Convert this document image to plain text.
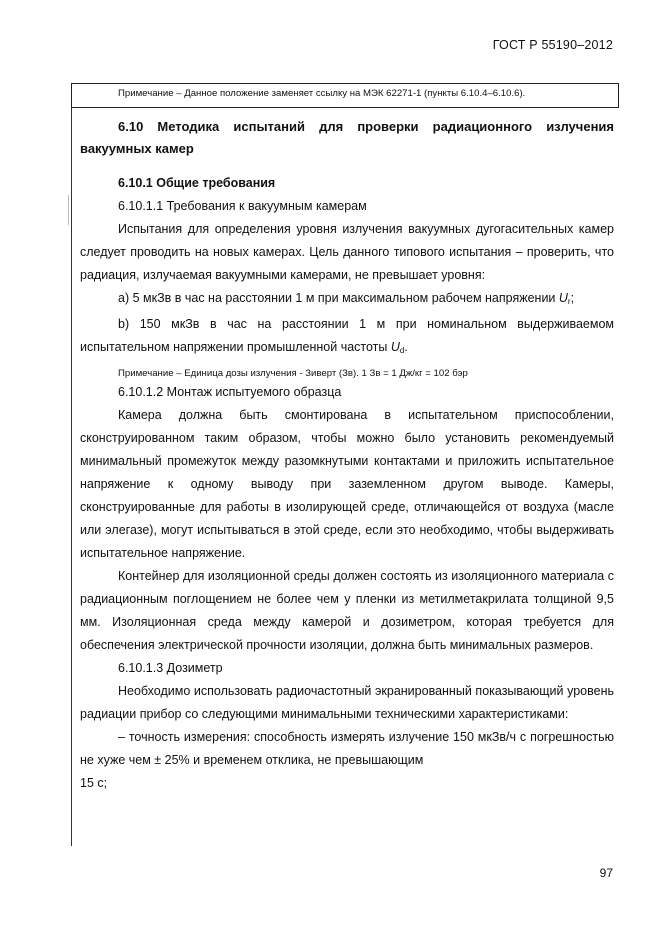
ГОСТ Р 55190–2012
Примечание – Данное положение заменяет ссылку на МЭК 62271-1 (пункты 6.10.4–6.10.6).

6.10 Методика испытаний для проверки радиационного излучения вакуумных камер

6.10.1 Общие требования

6.10.1.1 Требования к вакуумным камерам

Испытания для определения уровня излучения вакуумных дугогасительных камер следует проводить на новых камерах. Цель данного типового испытания – проверить, что радиация, излучаемая вакуумными камерами, не превышает уровня:

а) 5 мкЗв в час на расстоянии 1 м при максимальном рабочем напряжении $U_r$;

b) 150 мкЗв в час на расстоянии 1 м при номинальном выдерживаемом испытательном напряжении промышленной частоты $U_d$.

Примечание – Единица дозы излучения - Зиверт (Зв). 1 Зв = 1 Дж/кг = 102 бэр

6.10.1.2 Монтаж испытуемого образца

Камера должна быть смонтирована в испытательном приспособлении, сконструированном таким образом, чтобы можно было установить рекомендуемый минимальный промежуток между разомкнутыми контактами и приложить испытательное напряжение к одному выводу при заземленном другом выводе. Камеры, сконструированные для работы в изолирующей среде, отличающейся от воздуха (масле или элегазе), могут испытываться в этой среде, если это необходимо, чтобы выдерживать испытательное напряжение.

Контейнер для изоляционной среды должен состоять из изоляционного материала с радиационным поглощением не более чем у пленки из метилметакрилата толщиной 9,5 мм. Изоляционная среда между камерой и дозиметром, которая требуется для обеспечения электрической прочности изоляции, должна быть минимальных размеров.

6.10.1.3 Дозиметр

Необходимо использовать радиочастотный экранированный показывающий уровень радиации прибор со следующими минимальными техническими характеристиками:

– точность измерения: способность измерять излучение 150 мкЗв/ч с погрешностью не хуже чем ± 25% и временем отклика, не превышающим

15 с;

97
